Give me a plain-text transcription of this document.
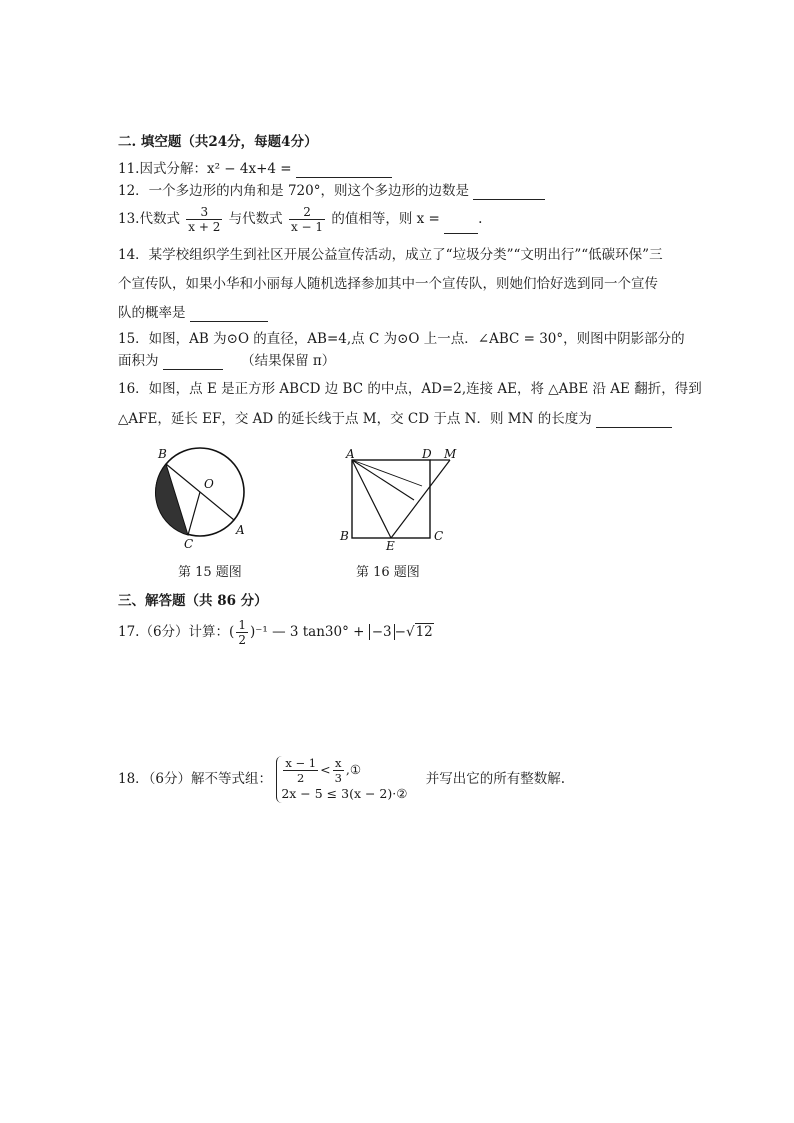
二. 填空题（共24分，每题4分）
11.因式分解：x² − 4x+4 =
12．一个多边形的内角和是 720°，则这个多边形的边数是
13.代数式 $\frac{3}{x + 2}$ 与代数式 $\frac{2}{x - 1}$ 的值相等，则 x =	.
14．某学校组织学生到社区开展公益宣传活动，成立了“垃圾分类”“文明出行”“低碳环保”三
个宣传队，如果小华和小丽每人随机选择参加其中一个宣传队，则她们恰好选到同一个宣传
队的概率是
15．如图，AB 为⊙O 的直径，AB=4,点 C 为⊙O 上一点．∠ABC = 30°，则图中阴影部分的
面积为	（结果保留 π）
16．如图，点 E 是正方形 ABCD 边 BC 的中点，AD=2,连接 AE，将 △ABE 沿 AE 翻折，得到
△AFE，延长 EF，交 AD 的延长线于点 M，交 CD 于点 N．则 MN 的长度为
B
O
A
C
第 15 题图
A	D M
B
E
C
第 16 题图
三、解答题（共 86 分）
17.（6分）计算：( $\frac{1}{2} )^{-1}$ — 3 tan30° + −3 −√12
18．（6分）解不等式组： $\frac{x - 1}{2} < \frac{x}{3}$ ,①
2x − 5 ≤ 3(x − 2)·②
并写出它的所有整数解.
